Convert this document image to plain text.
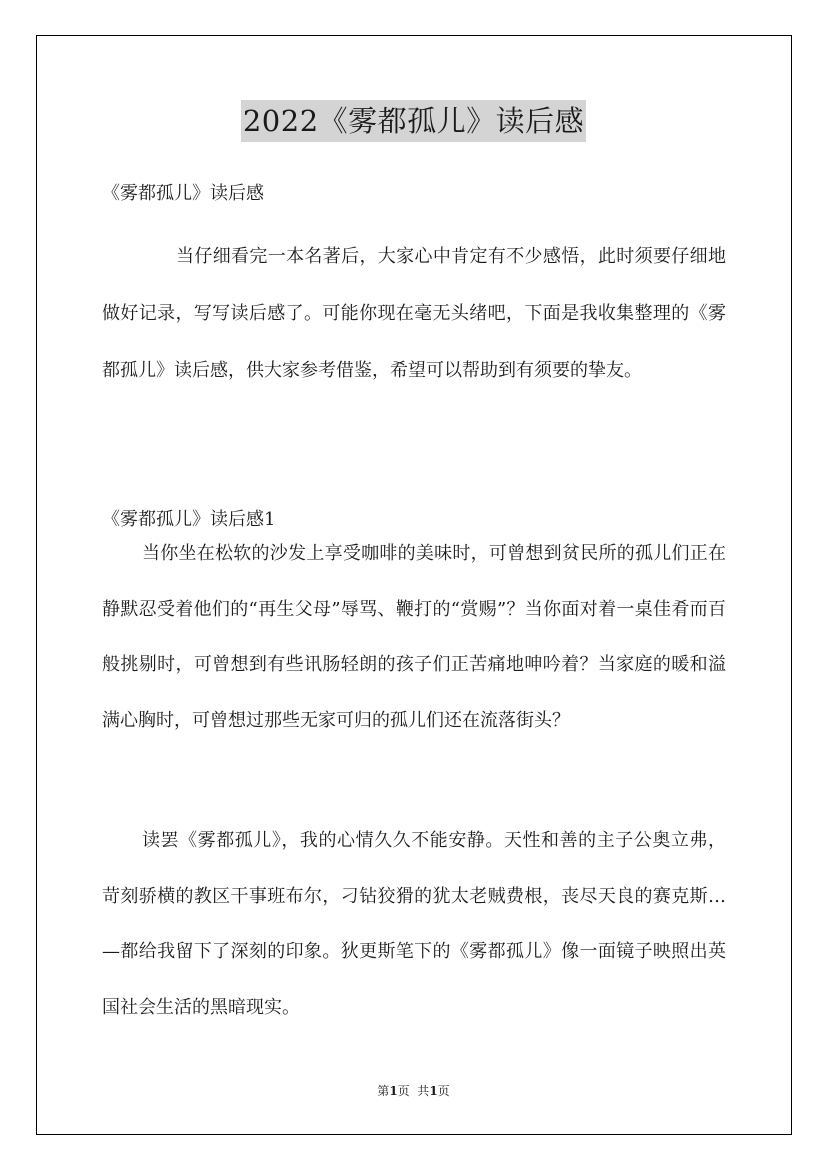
2022《雾都孤儿》读后感
《雾都孤儿》读后感
当仔细看完一本名著后，大家心中肯定有不少感悟，此时须要仔细地做好记录，写写读后感了。可能你现在毫无头绪吧，下面是我收集整理的《雾都孤儿》读后感，供大家参考借鉴，希望可以帮助到有须要的挚友。
《雾都孤儿》读后感1
当你坐在松软的沙发上享受咖啡的美味时，可曾想到贫民所的孤儿们正在静默忍受着他们的“再生父母”辱骂、鞭打的“赏赐”？当你面对着一桌佳肴而百般挑剔时，可曾想到有些讯肠轻朗的孩子们正苦痛地呻吟着？当家庭的暖和溢满心胸时，可曾想过那些无家可归的孤儿们还在流落街头？
读罢《雾都孤儿》，我的心情久久不能安静。天性和善的主子公奥立弗，苛刻骄横的教区干事班布尔，刁钻狡猾的犹太老贼费根，丧尽天良的赛克斯…—都给我留下了深刻的印象。狄更斯笔下的《雾都孤儿》像一面镜子映照出英国社会生活的黑暗现实。
第1页  共1页
